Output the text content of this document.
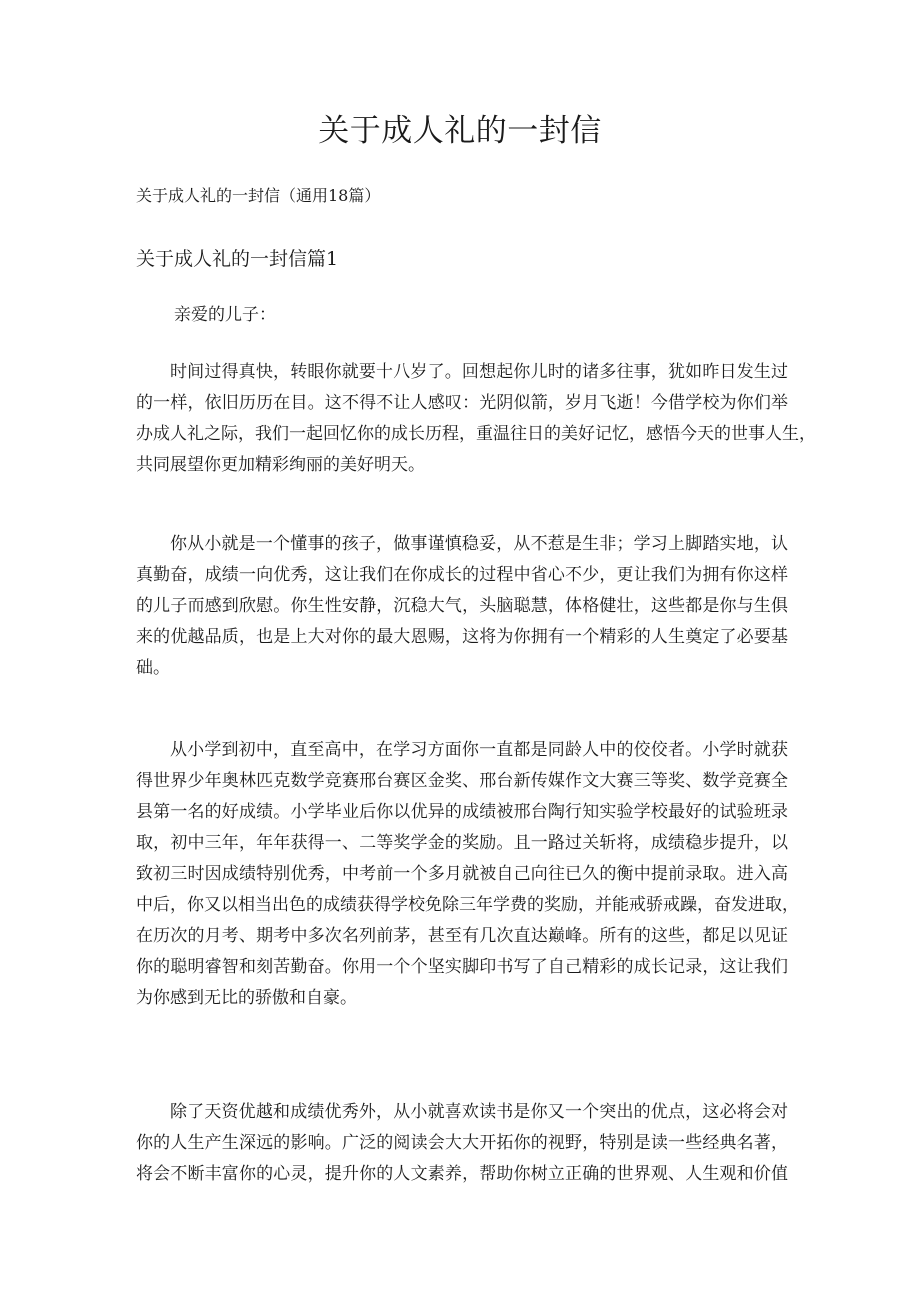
关于成人礼的一封信

关于成人礼的一封信（通用18篇）

关于成人礼的一封信篇1

亲爱的儿子：

时间过得真快，转眼你就要十八岁了。回想起你儿时的诸多往事，犹如昨日发生过
的一样，依旧历历在目。这不得不让人感叹：光阴似箭，岁月飞逝！今借学校为你们举
办成人礼之际，我们一起回忆你的成长历程，重温往日的美好记忆，感悟今天的世事人生，
共同展望你更加精彩绚丽的美好明天。

你从小就是一个懂事的孩子，做事谨慎稳妥，从不惹是生非；学习上脚踏实地，认
真勤奋，成绩一向优秀，这让我们在你成长的过程中省心不少，更让我们为拥有你这样
的儿子而感到欣慰。你生性安静，沉稳大气，头脑聪慧，体格健壮，这些都是你与生俱
来的优越品质，也是上大对你的最大恩赐，这将为你拥有一个精彩的人生奠定了必要基
础。

从小学到初中，直至高中，在学习方面你一直都是同龄人中的佼佼者。小学时就获
得世界少年奥林匹克数学竞赛邢台赛区金奖、邢台新传媒作文大赛三等奖、数学竞赛全
县第一名的好成绩。小学毕业后你以优异的成绩被邢台陶行知实验学校最好的试验班录
取，初中三年，年年获得一、二等奖学金的奖励。且一路过关斩将，成绩稳步提升，以
致初三时因成绩特别优秀，中考前一个多月就被自己向往已久的衡中提前录取。进入高
中后，你又以相当出色的成绩获得学校免除三年学费的奖励，并能戒骄戒躁，奋发进取，
在历次的月考、期考中多次名列前茅，甚至有几次直达巅峰。所有的这些，都足以见证
你的聪明睿智和刻苦勤奋。你用一个个坚实脚印书写了自己精彩的成长记录，这让我们
为你感到无比的骄傲和自豪。

除了天资优越和成绩优秀外，从小就喜欢读书是你又一个突出的优点，这必将会对
你的人生产生深远的影响。广泛的阅读会大大开拓你的视野，特别是读一些经典名著，
将会不断丰富你的心灵，提升你的人文素养，帮助你树立正确的世界观、人生观和价值
